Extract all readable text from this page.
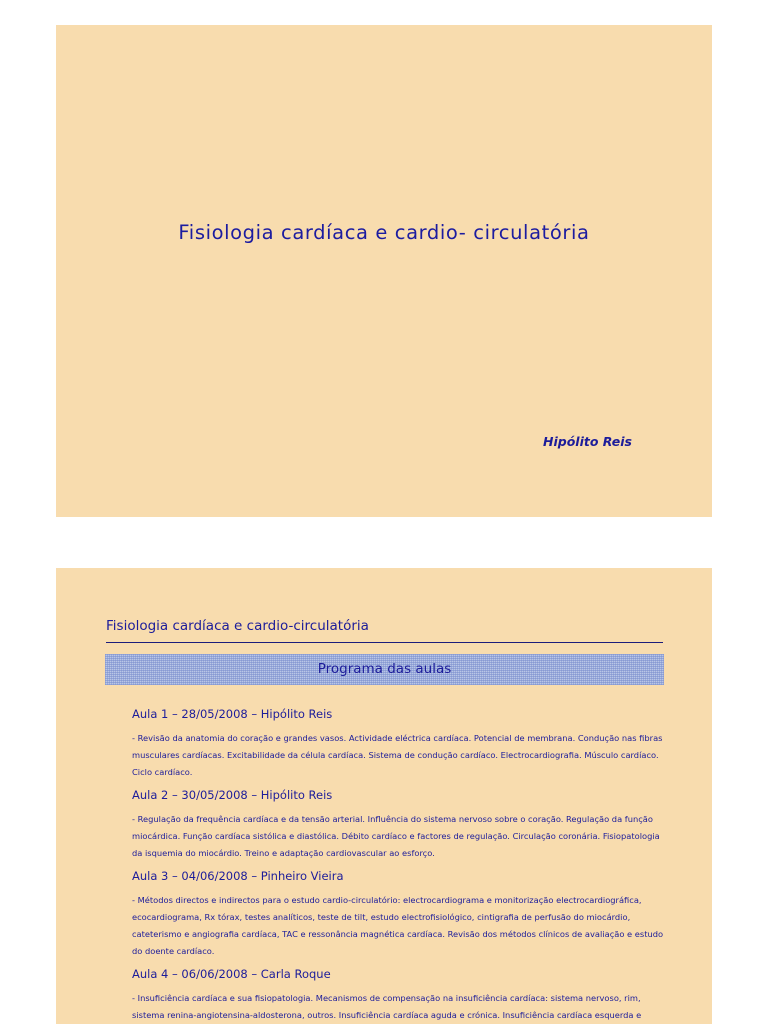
Fisiologia cardíaca e cardio- circulatória
Hipólito Reis
Fisiologia cardíaca e cardio-circulatória
Programa das aulas
Aula 1 – 28/05/2008 – Hipólito Reis
- Revisão da anatomia do coração e grandes vasos. Actividade eléctrica cardíaca. Potencial de membrana. Condução nas fibras musculares cardíacas. Excitabilidade da célula cardíaca. Sistema de condução cardíaco. Electrocardiografia. Músculo cardíaco. Ciclo cardíaco.
Aula 2 – 30/05/2008 – Hipólito Reis
- Regulação da frequência cardíaca e da tensão arterial. Influência do sistema nervoso sobre o coração. Regulação da função miocárdica. Função cardíaca sistólica e diastólica. Débito cardíaco e factores de regulação. Circulação coronária. Fisiopatologia da isquemia do miocárdio. Treino e adaptação cardiovascular ao esforço.
Aula 3 – 04/06/2008 – Pinheiro Vieira
- Métodos directos e indirectos para o estudo cardio-circulatório: electrocardiograma e monitorização electrocardiográfica, ecocardiograma, Rx tórax, testes analíticos, teste de tilt, estudo electrofisiológico, cintigrafia de perfusão do miocárdio, cateterismo e angiografia cardíaca, TAC e ressonância magnética cardíaca. Revisão dos métodos clínicos de avaliação e estudo do doente cardíaco.
Aula 4 – 06/06/2008 – Carla Roque
- Insuficiência cardíaca e sua fisiopatologia. Mecanismos de compensação na insuficiência cardíaca: sistema nervoso, rim, sistema renina-angiotensina-aldosterona, outros. Insuficiência cardíaca aguda e crónica. Insuficiência cardíaca esquerda e
